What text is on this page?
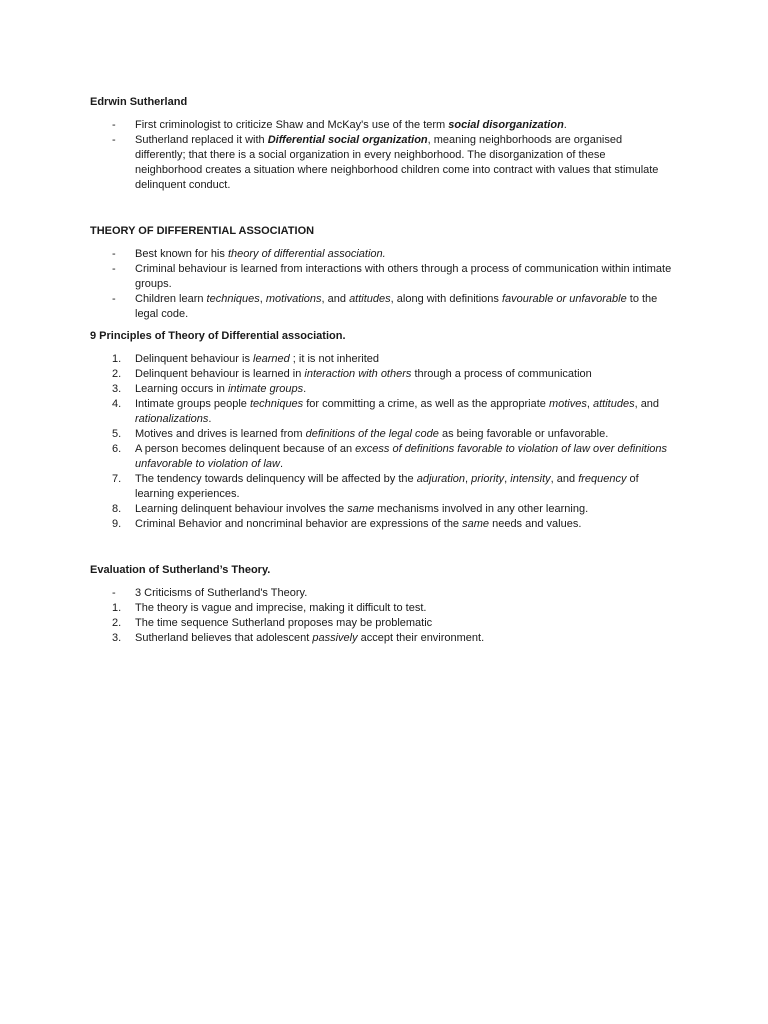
Edrwin Sutherland

- First criminologist to criticize Shaw and McKay's use of the term social disorganization.
- Sutherland replaced it with Differential social organization, meaning neighborhoods are organised differently; that there is a social organization in every neighborhood. The disorganization of these neighborhood creates a situation where neighborhood children come into contract with values that stimulate delinquent conduct.

THEORY OF DIFFERENTIAL ASSOCIATION

- Best known for his theory of differential association.
- Criminal behaviour is learned from interactions with others through a process of communication within intimate groups.
- Children learn techniques, motivations, and attitudes, along with definitions favourable or unfavorable to the legal code.

9 Principles of Theory of Differential association.

1. Delinquent behaviour is learned ; it is not inherited
2. Delinquent behaviour is learned in interaction with others through a process of communication
3. Learning occurs in intimate groups.
4. Intimate groups people techniques for committing a crime, as well as the appropriate motives, attitudes, and rationalizations.
5. Motives and drives is learned from definitions of the legal code as being favorable or unfavorable.
6. A person becomes delinquent because of an excess of definitions favorable to violation of law over definitions unfavorable to violation of law.
7. The tendency towards delinquency will be affected by the adjuration, priority, intensity, and frequency of learning experiences.
8. Learning delinquent behaviour involves the same mechanisms involved in any other learning.
9. Criminal Behavior and noncriminal behavior are expressions of the same needs and values.

Evaluation of Sutherland’s Theory.

- 3 Criticisms of Sutherland's Theory.
1. The theory is vague and imprecise, making it difficult to test.
2. The time sequence Sutherland proposes may be problematic
3. Sutherland believes that adolescent passively accept their environment.
